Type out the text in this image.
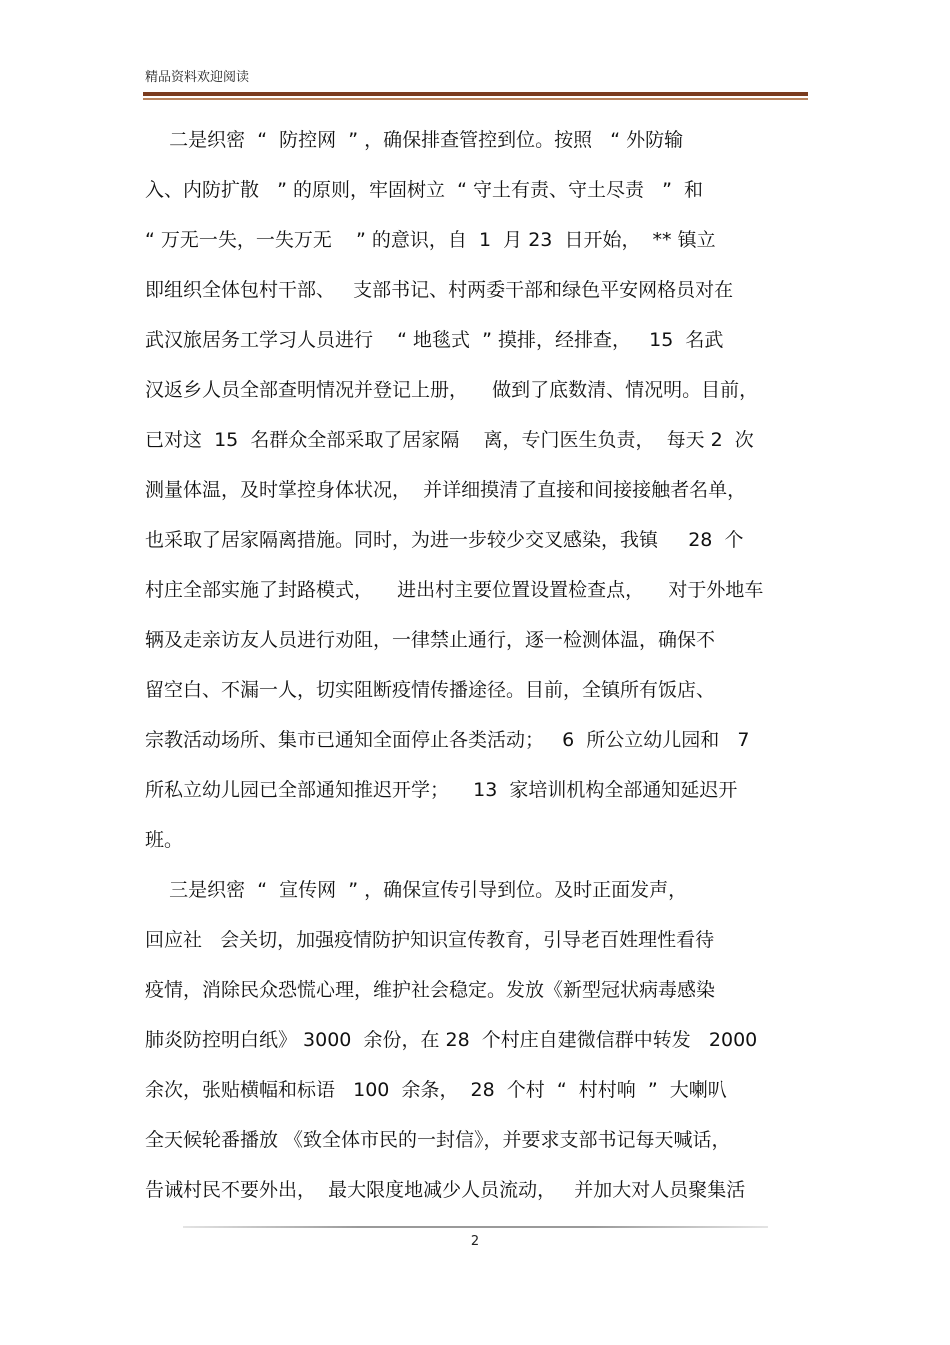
精品资料欢迎阅读
二是织密  “  防控网  ” ，确保排查管控到位。按照   “ 外防输
入、内防扩散   ” 的原则，牢固树立  “ 守土有责、守土尽责   ”  和
“ 万无一失，一失万无    ” 的意识，自  1  月 23  日开始，  ** 镇立
即组织全体包村干部、   支部书记、村两委干部和绿色平安网格员对在
武汉旅居务工学习人员进行    “ 地毯式  ” 摸排，经排查，   15  名武
汉返乡人员全部查明情况并登记上册，    做到了底数清、情况明。目前，
已对这  15  名群众全部采取了居家隔    离，专门医生负责，  每天 2  次
测量体温，及时掌控身体状况，  并详细摸清了直接和间接接触者名单，
也采取了居家隔离措施。同时，为进一步较少交叉感染，我镇     28  个
村庄全部实施了封路模式，    进出村主要位置设置检查点，    对于外地车
辆及走亲访友人员进行劝阻，一律禁止通行，逐一检测体温，确保不
留空白、不漏一人，切实阻断疫情传播途径。目前，全镇所有饭店、
宗教活动场所、集市已通知全面停止各类活动；   6  所公立幼儿园和   7
所私立幼儿园已全部通知推迟开学；    13  家培训机构全部通知延迟开
班。
三是织密  “  宣传网  ” ，确保宣传引导到位。及时正面发声，
回应社   会关切，加强疫情防护知识宣传教育，引导老百姓理性看待
疫情，消除民众恐慌心理，维护社会稳定。发放《新型冠状病毒感染
肺炎防控明白纸》 3000  余份，在 28  个村庄自建微信群中转发   2000
余次，张贴横幅和标语   100  余条，  28  个村  “  村村响  ”  大喇叭
全天候轮番播放 《致全体市民的一封信》，并要求支部书记每天喊话，
告诫村民不要外出，  最大限度地减少人员流动，   并加大对人员聚集活
2
